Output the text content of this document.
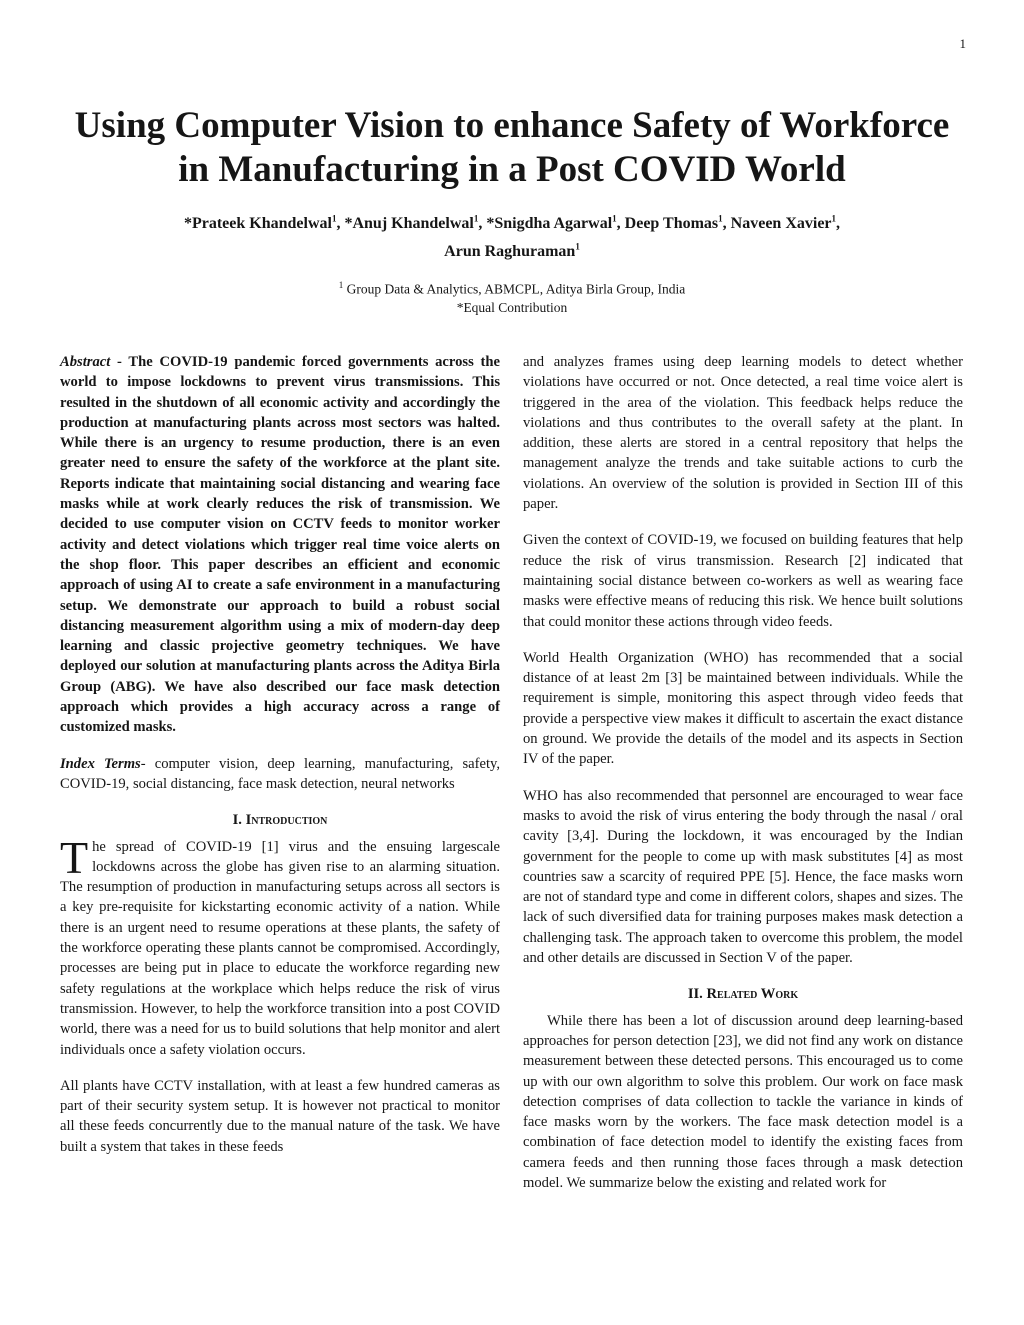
1
Using Computer Vision to enhance Safety of Workforce
in Manufacturing in a Post COVID World
*Prateek Khandelwal$^1$, *Anuj Khandelwal$^1$, *Snigdha Agarwal$^1$, Deep Thomas$^1$, Naveen Xavier$^1$,
Arun Raghuraman$^1$
$^1$ Group Data & Analytics, ABMCPL, Aditya Birla Group, India
*Equal Contribution

Abstract - The COVID-19 pandemic forced governments across the world to impose lockdowns to prevent virus transmissions. This resulted in the shutdown of all economic activity and accordingly the production at manufacturing plants across most sectors was halted. While there is an urgency to resume production, there is an even greater need to ensure the safety of the workforce at the plant site. Reports indicate that maintaining social distancing and wearing face masks while at work clearly reduces the risk of transmission. We decided to use computer vision on CCTV feeds to monitor worker activity and detect violations which trigger real time voice alerts on the shop floor. This paper describes an efficient and economic approach of using AI to create a safe environment in a manufacturing setup. We demonstrate our approach to build a robust social distancing measurement algorithm using a mix of modern-day deep learning and classic projective geometry techniques. We have deployed our solution at manufacturing plants across the Aditya Birla Group (ABG). We have also described our face mask detection approach which provides a high accuracy across a range of customized masks.

Index Terms- computer vision, deep learning, manufacturing, safety, COVID-19, social distancing, face mask detection, neural networks

I. Introduction

The spread of COVID-19 [1] virus and the ensuing largescale lockdowns across the globe has given rise to an alarming situation. The resumption of production in manufacturing setups across all sectors is a key pre-requisite for kickstarting economic activity of a nation. While there is an urgent need to resume operations at these plants, the safety of the workforce operating these plants cannot be compromised. Accordingly, processes are being put in place to educate the workforce regarding new safety regulations at the workplace which helps reduce the risk of virus transmission. However, to help the workforce transition into a post COVID world, there was a need for us to build solutions that help monitor and alert individuals once a safety violation occurs.

All plants have CCTV installation, with at least a few hundred cameras as part of their security system setup. It is however not practical to monitor all these feeds concurrently due to the manual nature of the task. We have built a system that takes in these feeds

and analyzes frames using deep learning models to detect whether violations have occurred or not. Once detected, a real time voice alert is triggered in the area of the violation. This feedback helps reduce the violations and thus contributes to the overall safety at the plant. In addition, these alerts are stored in a central repository that helps the management analyze the trends and take suitable actions to curb the violations. An overview of the solution is provided in Section III of this paper.

Given the context of COVID-19, we focused on building features that help reduce the risk of virus transmission. Research [2] indicated that maintaining social distance between co-workers as well as wearing face masks were effective means of reducing this risk. We hence built solutions that could monitor these actions through video feeds.

World Health Organization (WHO) has recommended that a social distance of at least 2m [3] be maintained between individuals. While the requirement is simple, monitoring this aspect through video feeds that provide a perspective view makes it difficult to ascertain the exact distance on ground. We provide the details of the model and its aspects in Section IV of the paper.

WHO has also recommended that personnel are encouraged to wear face masks to avoid the risk of virus entering the body through the nasal / oral cavity [3,4]. During the lockdown, it was encouraged by the Indian government for the people to come up with mask substitutes [4] as most countries saw a scarcity of required PPE [5]. Hence, the face masks worn are not of standard type and come in different colors, shapes and sizes. The lack of such diversified data for training purposes makes mask detection a challenging task. The approach taken to overcome this problem, the model and other details are discussed in Section V of the paper.

II. Related Work

While there has been a lot of discussion around deep learning-based approaches for person detection [23], we did not find any work on distance measurement between these detected persons. This encouraged us to come up with our own algorithm to solve this problem. Our work on face mask detection comprises of data collection to tackle the variance in kinds of face masks worn by the workers. The face mask detection model is a combination of face detection model to identify the existing faces from camera feeds and then running those faces through a mask detection model. We summarize below the existing and related work for
